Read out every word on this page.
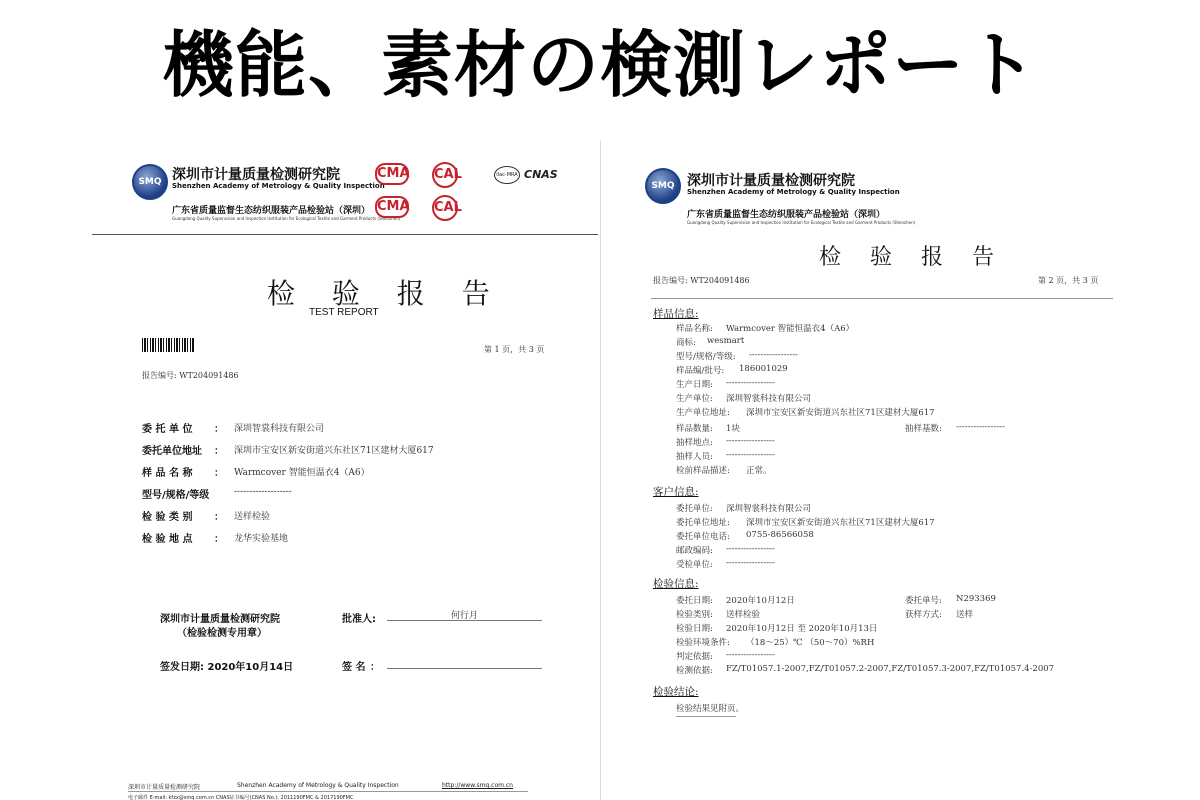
機能、素材の検測レポート
SMQ 深圳市计量质量检测研究院
Shenzhen Academy of Metrology & Quality Inspection
广东省质量监督生态纺织服装产品检验站（深圳）
Guangdong Quality Supervision and Inspection Institution for Ecological Textile and Garment Products (Shenzhen)
CMA CAL
CMA CAL
ilac-MRA CNAS
检 验 报 告
TEST REPORT
第 1 页，共 3 页
报告编号: WT204091486
委 托 单 位 ： 深圳智裳科技有限公司
委托单位地址 ： 深圳市宝安区新安街道兴东社区71区建材大厦617
样 品 名 称 ： Warmcover 智能恒温衣4（A6）
型号/规格/等级	-------------------
检 验 类 别 ： 送样检验
检 验 地 点 ： 龙华实验基地
深圳市计量质量检测研究院
（检验检测专用章）
批准人:	何行月
签发日期: 2020年10月14日	签 名 ：
深圳市计量质量检测研究院	Shenzhen Academy of Metrology & Quality Inspection	http://www.smq.com.cn
电子邮件 E-mail: kfzx@smq.com.cn CNAS证书编号(CNAS No.): 2011190FMC & 2017190FMC
SMQ 深圳市计量质量检测研究院
Shenzhen Academy of Metrology & Quality Inspection
广东省质量监督生态纺织服装产品检验站（深圳）
Guangdong Quality Supervision and Inspection Institution for Ecological Textile and Garment Products (Shenzhen)
检 验 报 告
报告编号: WT204091486	第 2 页，共 3 页
样品信息:
样品名称: Warmcover 智能恒温衣4（A6）
商标: wesmart
型号/规格/等级: -----------------
样品编/批号: 186001029
生产日期: -----------------
生产单位: 深圳智裳科技有限公司
生产单位地址: 深圳市宝安区新安街道兴东社区71区建材大厦617
样品数量: 1块	抽样基数: -----------------
抽样地点: -----------------
抽样人员: -----------------
检前样品描述: 正常。
客户信息:
委托单位: 深圳智裳科技有限公司
委托单位地址: 深圳市宝安区新安街道兴东社区71区建材大厦617
委托单位电话: 0755-86566058
邮政编码: -----------------
受检单位: -----------------
检验信息:
委托日期: 2020年10月12日	委托单号: N293369
检验类别: 送样检验	获样方式: 送样
检验日期: 2020年10月12日 至 2020年10月13日
检验环境条件: （18～25）℃ （50～70）%RH
判定依据: -----------------
检测依据: FZ/T01057.1-2007,FZ/T01057.2-2007,FZ/T01057.3-2007,FZ/T01057.4-2007
检验结论:
检验结果见附页。
